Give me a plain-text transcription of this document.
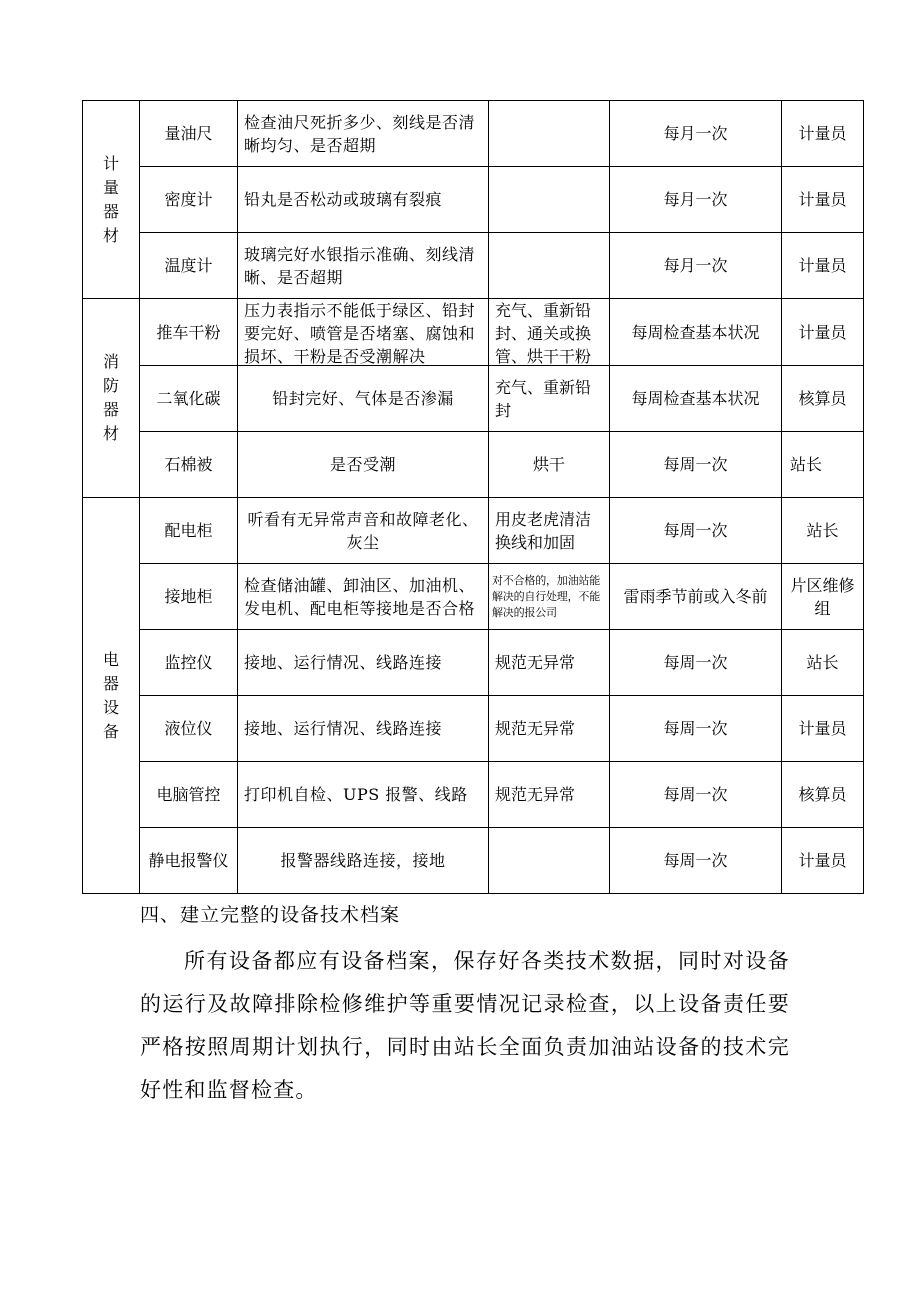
计量器材	量油尺	检查油尺死折多少、刻线是否清晰均匀、是否超期		每月一次	计量员
	密度计	铅丸是否松动或玻璃有裂痕		每月一次	计量员
	温度计	玻璃完好水银指示准确、刻线清晰、是否超期		每月一次	计量员
消防器材	推车干粉	压力表指示不能低于绿区、铅封要完好、喷管是否堵塞、腐蚀和损坏、干粉是否受潮解决	充气、重新铅封、通关或换管、烘干干粉	每周检查基本状况	计量员
	二氧化碳	铅封完好、气体是否渗漏	充气、重新铅封	每周检查基本状况	核算员
	石棉被	是否受潮	烘干	每周一次	站长
电器设备	配电柜	听看有无异常声音和故障老化、灰尘	用皮老虎清洁换线和加固	每周一次	站长
	接地柜	检查储油罐、卸油区、加油机、发电机、配电柜等接地是否合格	对不合格的，加油站能解决的自行处理，不能解决的报公司	雷雨季节前或入冬前	片区维修组
	监控仪	接地、运行情况、线路连接	规范无异常	每周一次	站长
	液位仪	接地、运行情况、线路连接	规范无异常	每周一次	计量员
	电脑管控	打印机自检、UPS 报警、线路	规范无异常	每周一次	核算员
	静电报警仪	报警器线路连接，接地		每周一次	计量员
四、建立完整的设备技术档案

所有设备都应有设备档案，保存好各类技术数据，同时对设备的运行及故障排除检修维护等重要情况记录检查，以上设备责任要严格按照周期计划执行，同时由站长全面负责加油站设备的技术完好性和监督检查。
